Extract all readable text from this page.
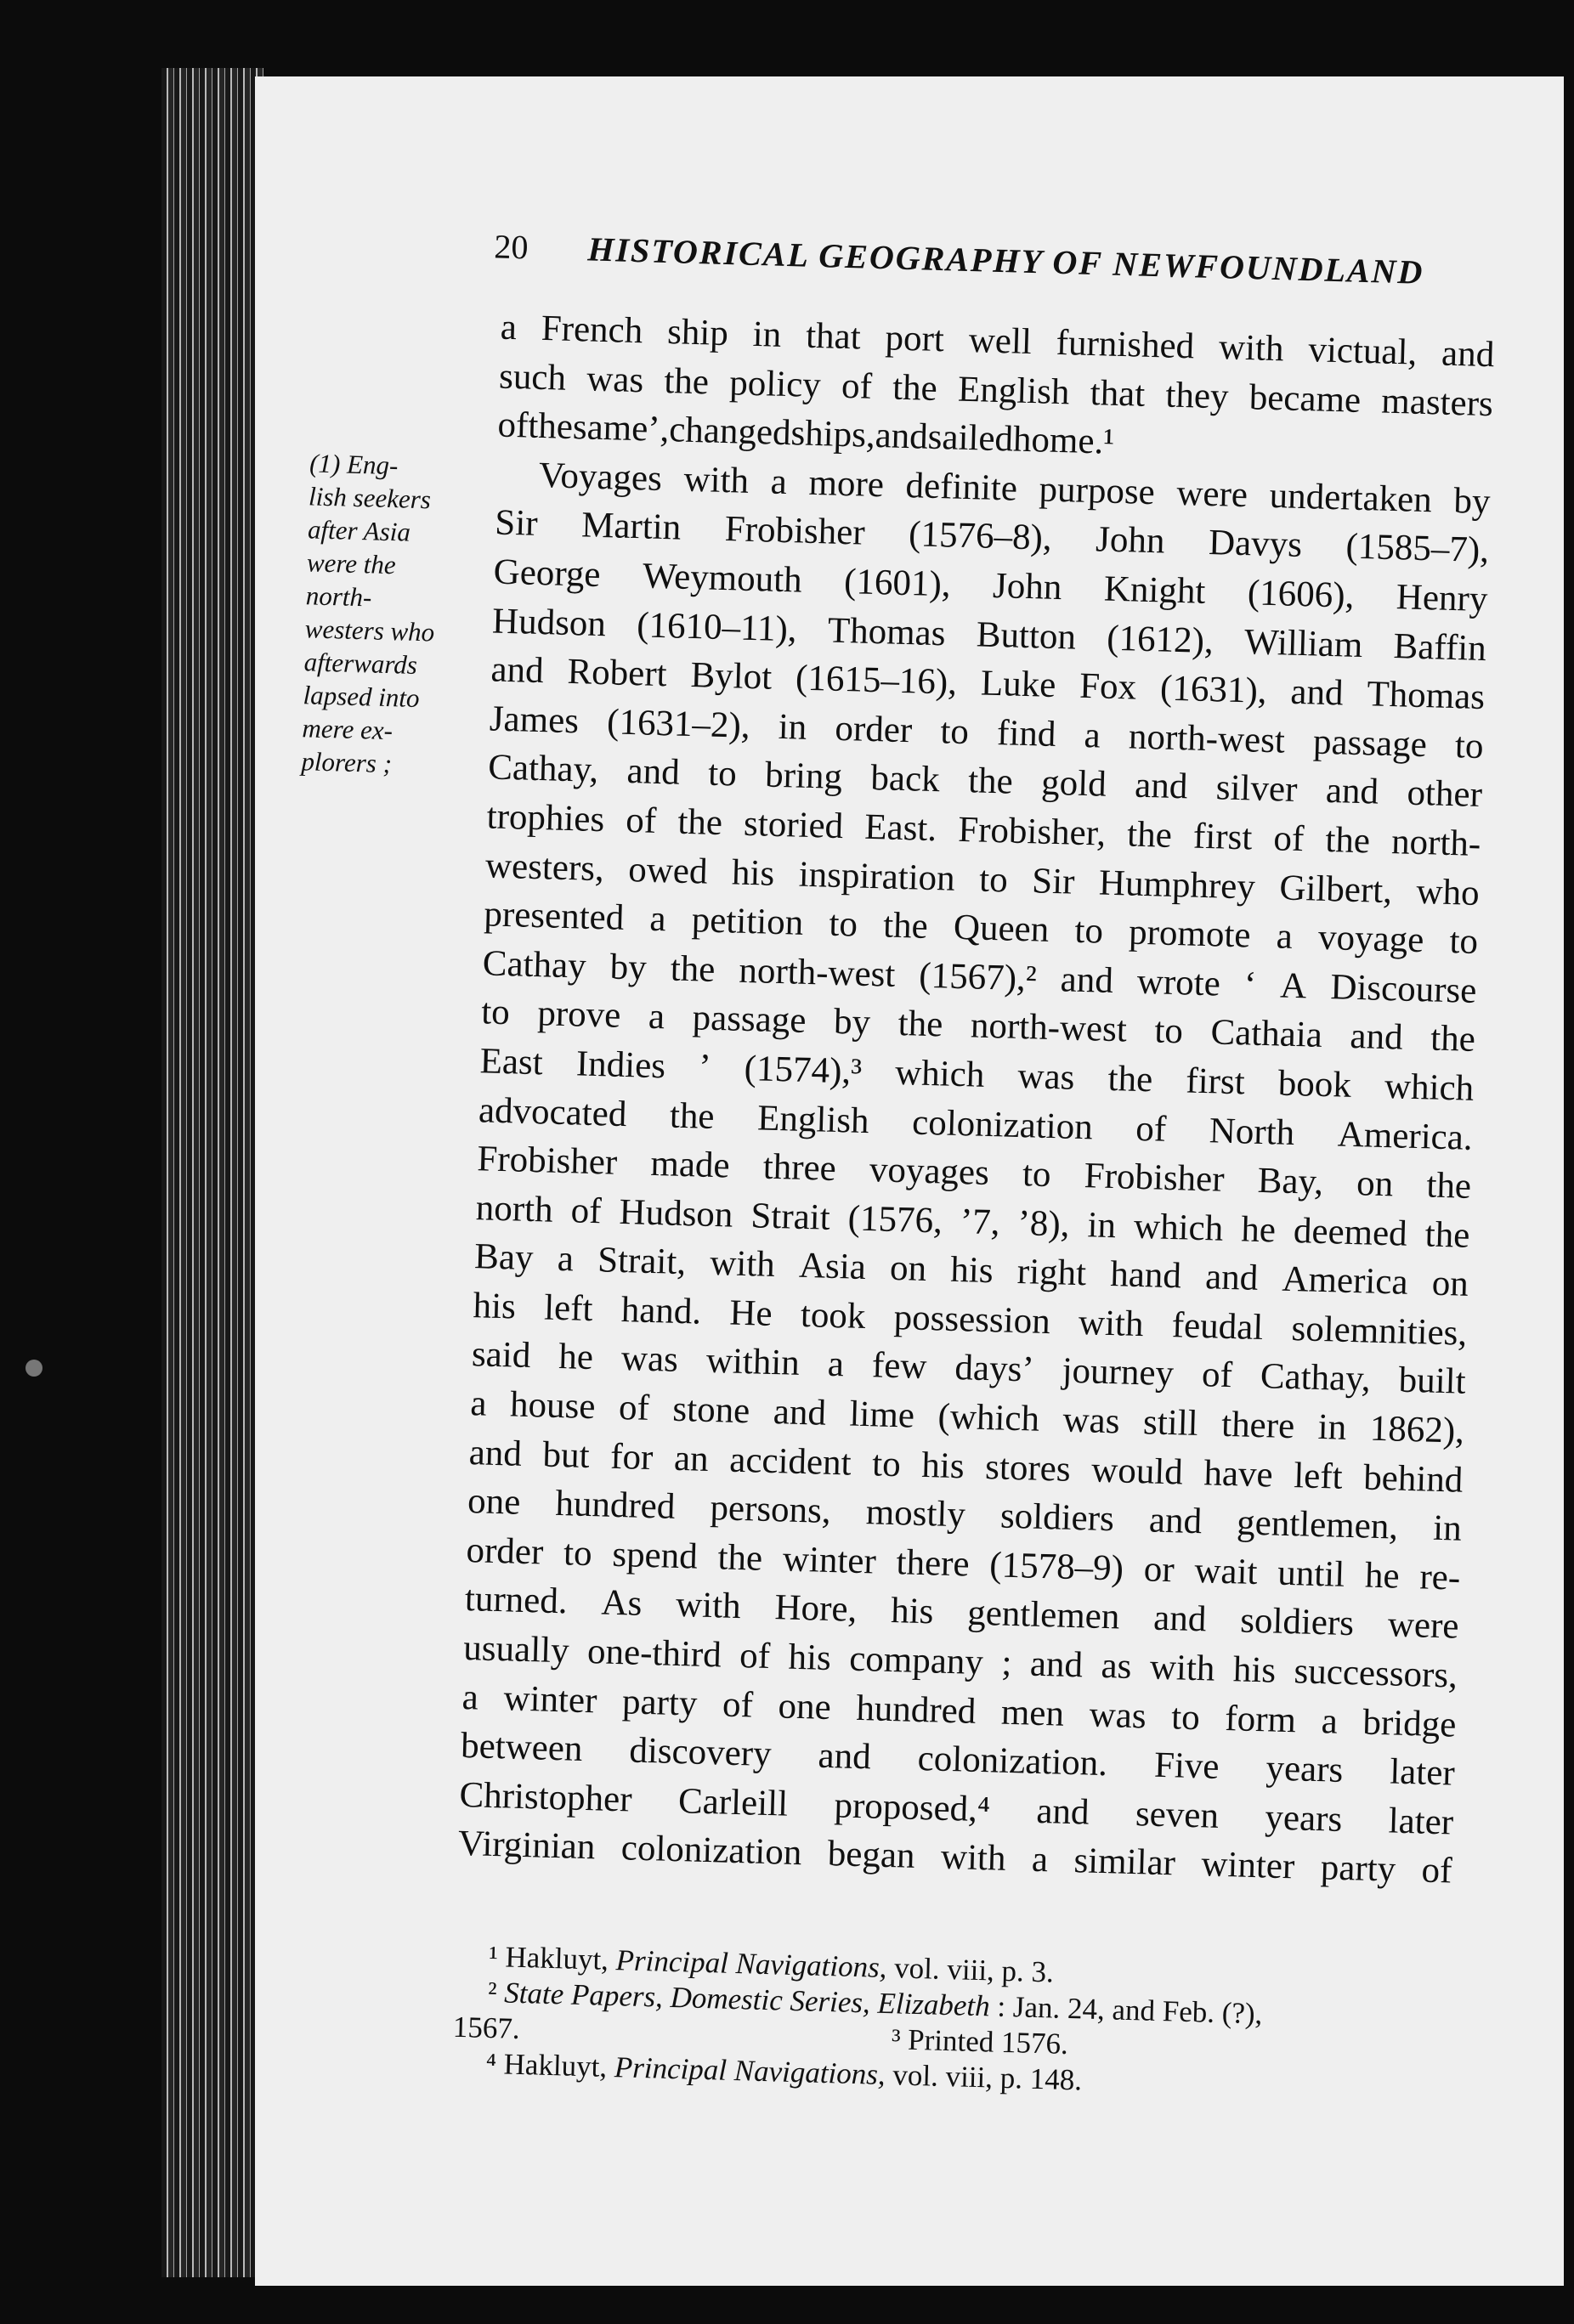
20 HISTORICAL GEOGRAPHY OF NEWFOUNDLAND
(1) Eng-
lish seekers
after Asia
were the
north-
westers who
afterwards
lapsed into
mere ex-
plorers ;
a French ship in that port well furnished with victual, and
such was the policy of the English that they became masters
of
the
same
’,
changed
ships,
and
sailed
home.¹
Voyages with a more definite purpose were undertaken by
Sir Martin Frobisher (1576–8), John Davys (1585–7),
George Weymouth (1601), John Knight (1606), Henry
Hudson (1610–11), Thomas Button (1612), William Baffin
and Robert Bylot (1615–16), Luke Fox (1631), and Thomas
James (1631–2), in order to find a north-west passage to
Cathay, and to bring back the gold and silver and other
trophies of the storied East. Frobisher, the first of the north-
westers, owed his inspiration to Sir Humphrey Gilbert, who
presented a petition to the Queen to promote a voyage to
Cathay by the north-west (1567),² and wrote ‘ A Discourse
to prove a passage by the north-west to Cathaia and the
East Indies ’ (1574),³ which was the first book which
advocated the English colonization of North America.
Frobisher made three voyages to Frobisher Bay, on the
north of Hudson Strait (1576, ’7, ’8), in which he deemed the
Bay a Strait, with Asia on his right hand and America on
his left hand. He took possession with feudal solemnities,
said he was within a few days’ journey of Cathay, built
a house of stone and lime (which was still there in 1862),
and but for an accident to his stores would have left behind
one hundred persons, mostly soldiers and gentlemen, in
order to spend the winter there (1578–9) or wait until he re-
turned. As with Hore, his gentlemen and soldiers were
usually one-third of his company ; and as with his successors,
a winter party of one hundred men was to form a bridge
between discovery and colonization. Five years later
Christopher Carleill proposed,⁴ and seven years later
Virginian colonization began with a similar winter party of
¹ Hakluyt, Principal Navigations, vol. viii, p. 3.
² State Papers, Domestic Series, Elizabeth : Jan. 24, and Feb. (?),
1567.	³ Printed 1576.
⁴ Hakluyt, Principal Navigations, vol. viii, p. 148.
